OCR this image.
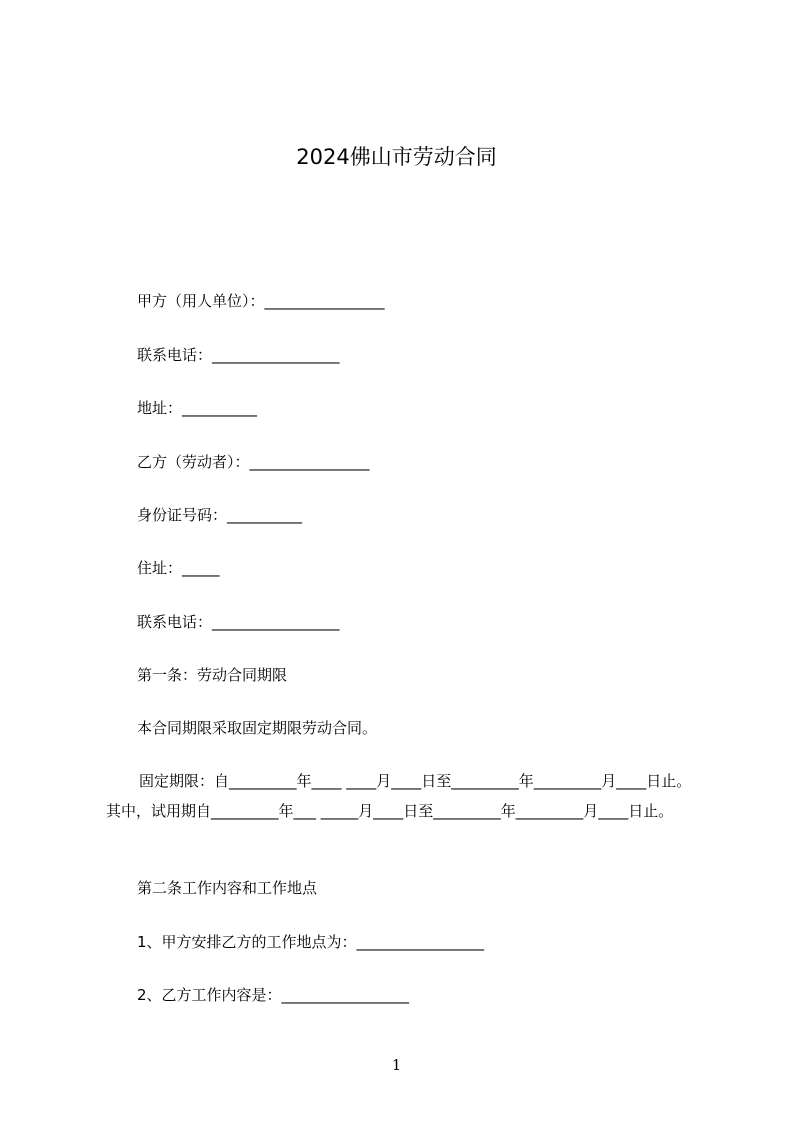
2024佛山市劳动合同
甲方（用人单位）：________________
联系电话：_________________
地址：__________
乙方（劳动者）：________________
身份证号码：__________
住址：_____
联系电话：_________________
第一条：劳动合同期限
本合同期限采取固定期限劳动合同。
固定期限：自_________年____ ____月____日至_________年_________月____日止。其中，试用期自_________年___ _____月____日至_________年_________月____日止。
第二条工作内容和工作地点
1、甲方安排乙方的工作地点为：_________________
2、乙方工作内容是：_________________
1
